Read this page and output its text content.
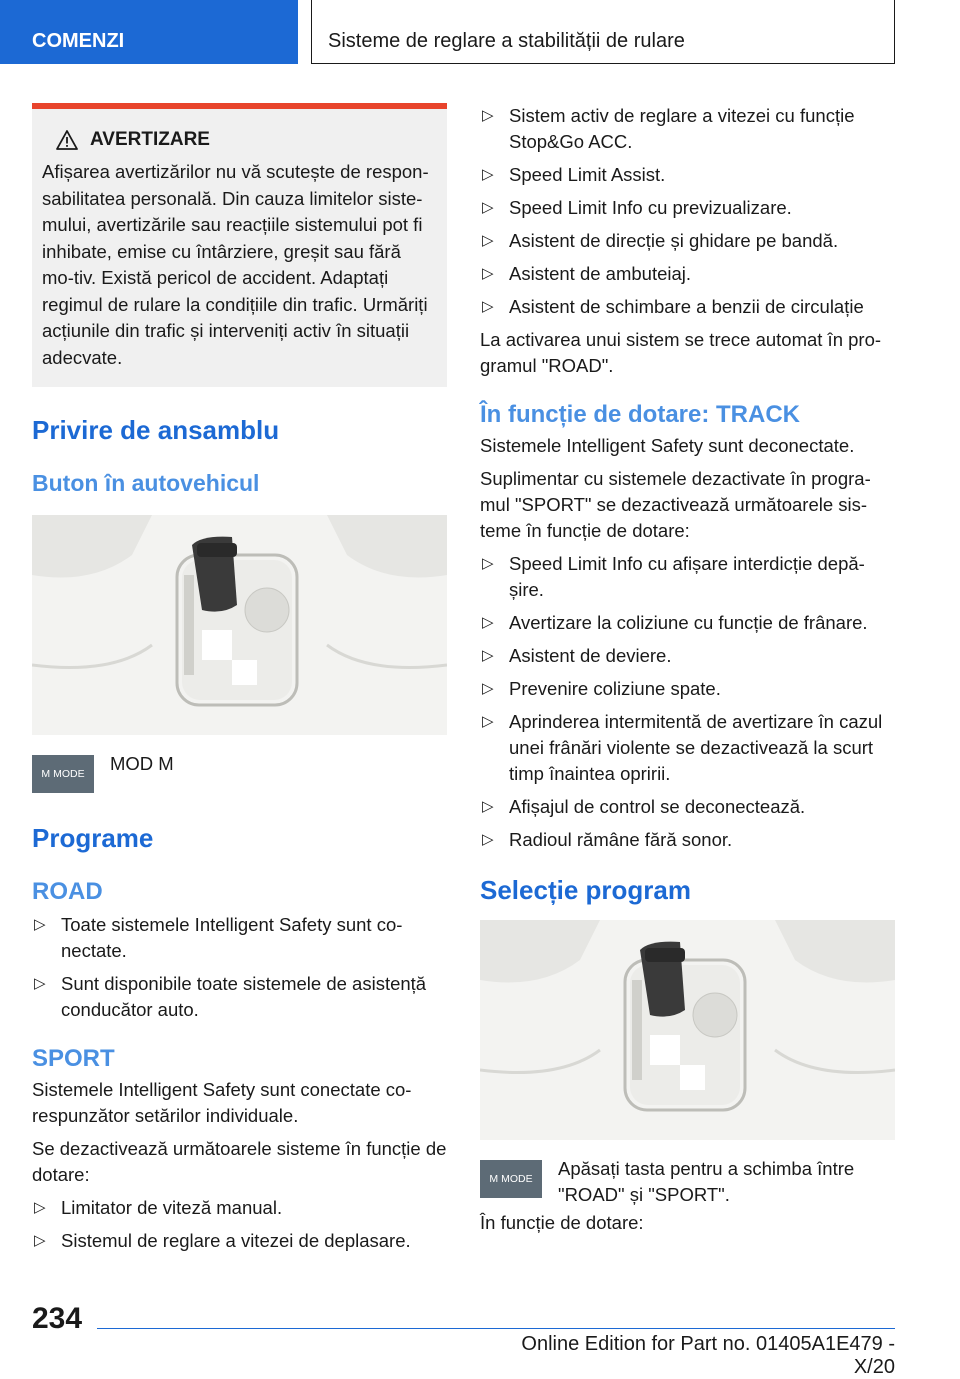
COMENZI	Sisteme de reglare a stabilității de rulare
AVERTIZARE
Afișarea avertizărilor nu vă scutește de respon-sabilitatea personală. Din cauza limitelor siste-mului, avertizările sau reacțiile sistemului pot fi inhibate, emise cu întârziere, greșit sau fără mo-tiv. Există pericol de accident. Adaptați regimul de rulare la condițiile din trafic. Urmăriți acțiunile din trafic și interveniți activ în situații adecvate.
Privire de ansamblu
Buton în autovehicul
M MODE	MOD M

Programe
ROAD
▷ Toate sistemele Intelligent Safety sunt co-nectate.
▷ Sunt disponibile toate sistemele de asistență conducător auto.
SPORT

Sistemele Intelligent Safety sunt conectate co-respunzător setărilor individuale.

Se dezactivează următoarele sisteme în funcție de dotare:

▷ Limitator de viteză manual.
▷ Sistemul de reglare a vitezei de deplasare.
▷ Sistem activ de reglare a vitezei cu funcție Stop&Go ACC.
▷ Speed Limit Assist.
▷ Speed Limit Info cu previzualizare.
▷ Asistent de direcție și ghidare pe bandă.
▷ Asistent de ambuteiaj.
▷ Asistent de schimbare a benzii de circulație

La activarea unui sistem se trece automat în pro-gramul "ROAD".

În funcție de dotare: TRACK

Sistemele Intelligent Safety sunt deconectate.

Suplimentar cu sistemele dezactivate în progra-mul "SPORT" se dezactivează următoarele sis-teme în funcție de dotare:

▷ Speed Limit Info cu afișare interdicție depă-șire.
▷ Avertizare la coliziune cu funcție de frânare.
▷ Asistent de deviere.
▷ Prevenire coliziune spate.
▷ Aprinderea intermitentă de avertizare în cazul unei frânări violente se dezactivează la scurt timp înaintea opririi.
▷ Afișajul de control se deconectează.
▷ Radioul rămâne fără sonor.
Selecție program
M MODE	Apăsați tasta pentru a schimba între "ROAD" și "SPORT".

În funcție de dotare:

234
Online Edition for Part no. 01405A1E479 - X/20
